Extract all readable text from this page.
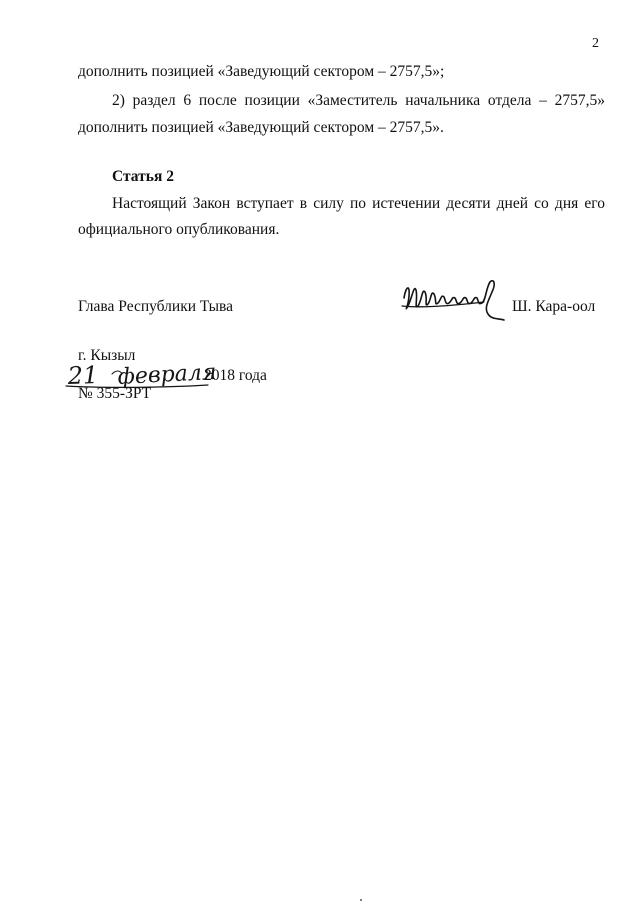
2
дополнить позицией «Заведующий сектором – 2757,5»;
2) раздел 6 после позиции «Заместитель начальника отдела – 2757,5»
дополнить позицией «Заведующий сектором – 2757,5».
Статья 2
Настоящий Закон вступает в силу по истечении десяти дней со дня его
официального опубликования.
Глава Республики Тыва	Ш. Кара-оол
г. Кызыл
21 февраля
2018 года
№ 355-ЗРТ
